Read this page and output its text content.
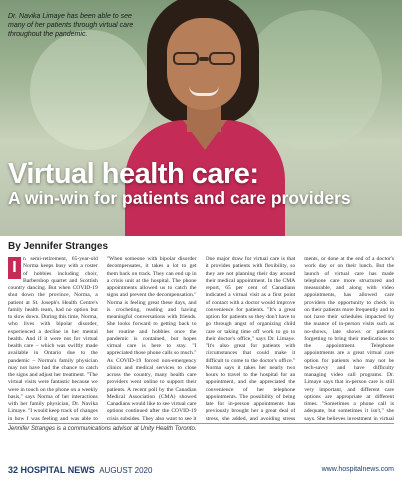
Dr. Navika Limaye has been able to see many of her patients through virtual care throughout the pandemic.
Virtual health care:
A win-win for patients and care providers
By Jennifer Stranges
I	n semi-retirement, 65-year-old Norma keeps busy with a roster of hobbies including choir, Barbershop quartet and Scottish country dancing. But when COVID-19 shut down the province, Norma, a patient at St. Joseph's Health Centre's family health team, had no option but to slow down. During this time, Norma, who lives with bipolar disorder, experienced a decline in her mental health. And if it were not for virtual health care – which was swiftly made available in Ontario due to the pandemic – Norma's family physician may not have had the chance to catch the signs and adjust her treatment. "The virtual visits were fantastic because we were in touch on the phone on a weekly basis," says Norma of her interactions with her family physician, Dr. Navika Limaye. "I would keep track of changes in how I was feeling and was able to

"When someone with bipolar disorder decompensates, it takes a lot to get them back on track. They can end up in a crisis unit at the hospital. The phone appointments allowed us to catch the signs and prevent the decompensation." Norma is feeling great these days, and is crocheting, reading and having meaningful conversations with friends. She looks forward to getting back to her routine and hobbies once the pandemic is contained, but hopes virtual care is here to stay. "I appreciated those phone calls so much." As COVID-19 forced non-emergency clinics and medical services to close across the country, many health care providers went online to support their patients. A recent poll by the Canadian Medical Association (CMA) showed Canadians would like to see virtual care options continued after the COVID-19 crisis subsides. They also want to see it

One major draw for virtual care is that it provides patients with flexibility, so they are not planning their day around their medical appointment. In the CMA report, 65 per cent of Canadians indicated a virtual visit as a first point of contact with a doctor would improve convenience for patients. "It's a great option for patients so they don't have to go through angst of organizing child care or taking time off work to go to their doctor's office," says Dr. Limaye. "It's also great for patients with circumstances that could make it difficult to come to the doctor's office." Norma says it takes her nearly two hours to travel to the hospital for an appointment, and she appreciated the convenience of her telephone appointments. The possibility of being late for in-person appointments has previously brought her a great deal of stress, she added, and avoiding stress

ments, or done at the end of a doctor's work day or on their lunch. But the launch of virtual care has made telephone care more structured and measurable, and along with video appointments, has allowed care providers the opportunity to check in on their patients more frequently and to not have their schedules impacted by the nuance of in-person visits such as no-shows, late shows or patients forgetting to bring their medications to the appointment. Telephone appointments are a great virtual care option for patients who may not be tech-savvy and have difficulty managing video call programs. Dr. Limaye says that in-person care is still very important, and different care options are appropriate at different times. "Sometimes a phone call is adequate, but sometimes it isn't," she says. She believes investment in virtual

Jennifer Stranges is a communications advisor at Unity Health Toronto.
32 HOSPITAL NEWS AUGUST 2020	www.hospitalnews.com
